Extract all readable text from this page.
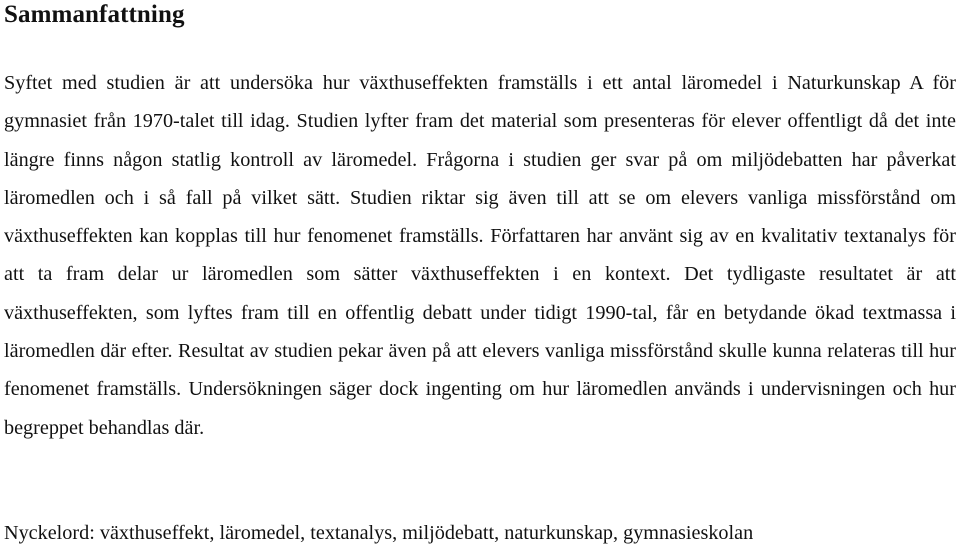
Sammanfattning

Syftet med studien är att undersöka hur växthuseffekten framställs i ett antal läromedel i Naturkunskap A för gymnasiet från 1970-talet till idag. Studien lyfter fram det material som presenteras för elever offentligt då det inte längre finns någon statlig kontroll av läromedel. Frågorna i studien ger svar på om miljödebatten har påverkat läromedlen och i så fall på vilket sätt. Studien riktar sig även till att se om elevers vanliga missförstånd om växthuseffekten kan kopplas till hur fenomenet framställs. Författaren har använt sig av en kvalitativ textanalys för att ta fram delar ur läromedlen som sätter växthuseffekten i en kontext. Det tydligaste resultatet är att växthuseffekten, som lyftes fram till en offentlig debatt under tidigt 1990-tal, får en betydande ökad textmassa i läromedlen där efter. Resultat av studien pekar även på att elevers vanliga missförstånd skulle kunna relateras till hur fenomenet framställs. Undersökningen säger dock ingenting om hur läromedlen används i undervisningen och hur begreppet behandlas där.

Nyckelord: växthuseffekt, läromedel, textanalys, miljödebatt, naturkunskap, gymnasieskolan
